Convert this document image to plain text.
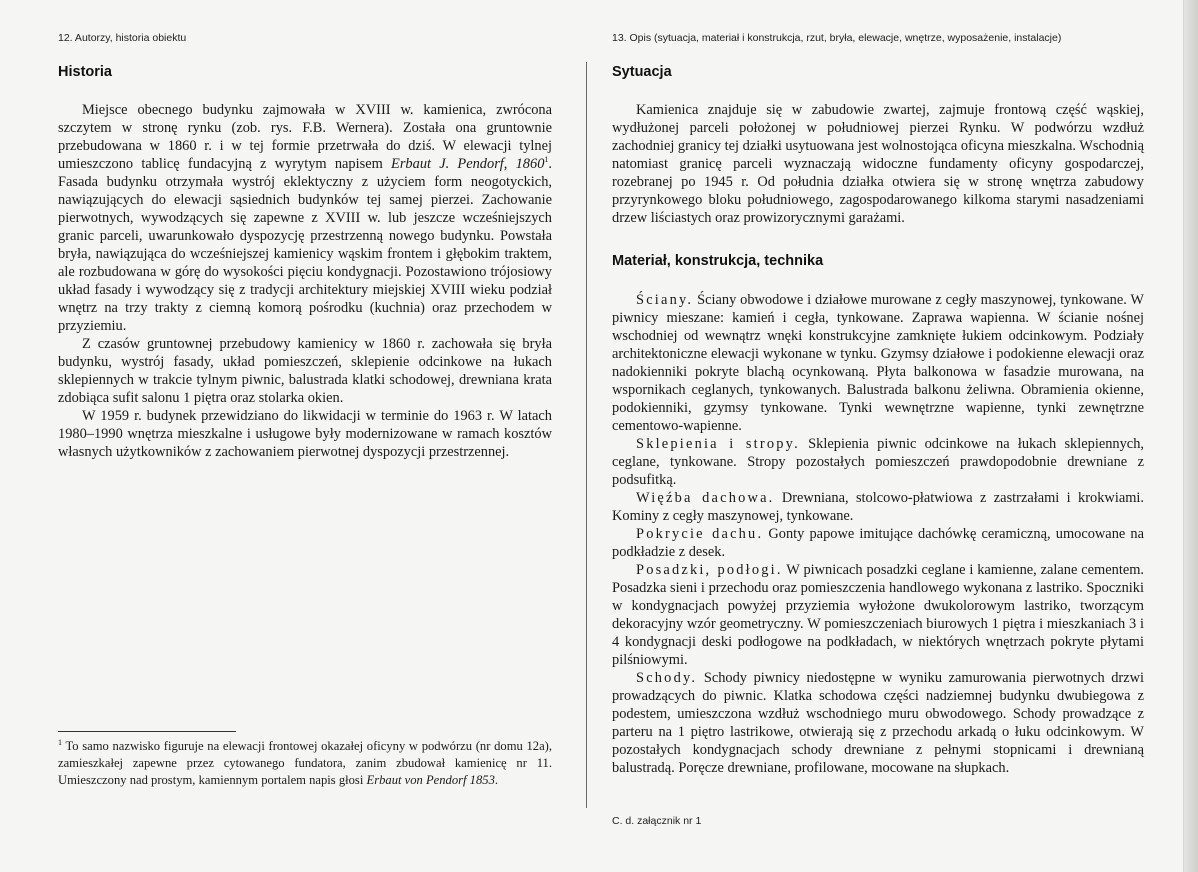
12. Autorzy, historia obiektu
Historia

Miejsce obecnego budynku zajmowała w XVIII w. kamienica, zwrócona szczytem w stronę rynku (zob. rys. F.B. Wernera). Została ona gruntownie przebudowana w 1860 r. i w tej formie przetrwała do dziś. W elewacji tylnej umieszczono tablicę fundacyjną z wyrytym napisem Erbaut J. Pendorf, 1860$^1$. Fasada budynku otrzymała wystrój eklektyczny z użyciem form neogotyckich, nawiązujących do elewacji sąsiednich budynków tej samej pierzei. Zachowanie pierwotnych, wywodzących się zapewne z XVIII w. lub jeszcze wcześniejszych granic parceli, uwarunkowało dyspozycję przestrzenną nowego budynku. Powstała bryła, nawiązująca do wcześniejszej kamienicy wąskim frontem i głębokim traktem, ale rozbudowana w górę do wysokości pięciu kondygnacji. Pozostawiono trójosiowy układ fasady i wywodzący się z tradycji architektury miejskiej XVIII wieku podział wnętrz na trzy trakty z ciemną komorą pośrodku (kuchnia) oraz przechodem w przyziemiu.

Z czasów gruntownej przebudowy kamienicy w 1860 r. zachowała się bryła budynku, wystrój fasady, układ pomieszczeń, sklepienie odcinkowe na łukach sklepiennych w trakcie tylnym piwnic, balustrada klatki schodowej, drewniana krata zdobiąca sufit salonu 1 piętra oraz stolarka okien.

W 1959 r. budynek przewidziano do likwidacji w terminie do 1963 r. W latach 1980–1990 wnętrza mieszkalne i usługowe były modernizowane w ramach kosztów własnych użytkowników z zachowaniem pierwotnej dyspozycji przestrzennej.

$^1$ To samo nazwisko figuruje na elewacji frontowej okazałej oficyny w podwórzu (nr domu 12a), zamieszkałej zapewne przez cytowanego fundatora, zanim zbudował kamienicę nr 11. Umieszczony nad prostym, kamiennym portalem napis głosi Erbaut von Pendorf 1853.

13. Opis (sytuacja, materiał i konstrukcja, rzut, bryła, elewacje, wnętrze, wyposażenie, instalacje)
Sytuacja

Kamienica znajduje się w zabudowie zwartej, zajmuje frontową część wąskiej, wydłużonej parceli położonej w południowej pierzei Rynku. W podwórzu wzdłuż zachodniej granicy tej działki usytuowana jest wolnostojąca oficyna mieszkalna. Wschodnią natomiast granicę parceli wyznaczają widoczne fundamenty oficyny gospodarczej, rozebranej po 1945 r. Od południa działka otwiera się w stronę wnętrza zabudowy przyrynkowego bloku południowego, zagospodarowanego kilkoma starymi nasadzeniami drzew liściastych oraz prowizorycznymi garażami.

Materiał, konstrukcja, technika

Ściany. Ściany obwodowe i działowe murowane z cegły maszynowej, tynkowane. W piwnicy mieszane: kamień i cegła, tynkowane. Zaprawa wapienna. W ścianie nośnej wschodniej od wewnątrz wnęki konstrukcyjne zamknięte łukiem odcinkowym. Podziały architektoniczne elewacji wykonane w tynku. Gzymsy działowe i podokienne elewacji oraz nadokienniki pokryte blachą ocynkowaną. Płyta balkonowa w fasadzie murowana, na wspornikach ceglanych, tynkowanych. Balustrada balkonu żeliwna. Obramienia okienne, podokienniki, gzymsy tynkowane. Tynki wewnętrzne wapienne, tynki zewnętrzne cementowo-wapienne.

Sklepienia i stropy. Sklepienia piwnic odcinkowe na łukach sklepiennych, ceglane, tynkowane. Stropy pozostałych pomieszczeń prawdopodobnie drewniane z podsufitką.

Więźba dachowa. Drewniana, stolcowo-płatwiowa z zastrzałami i krokwiami. Kominy z cegły maszynowej, tynkowane.

Pokrycie dachu. Gonty papowe imitujące dachówkę ceramiczną, umocowane na podkładzie z desek.

Posadzki, podłogi. W piwnicach posadzki ceglane i kamienne, zalane cementem. Posadzka sieni i przechodu oraz pomieszczenia handlowego wykonana z lastriko. Spoczniki w kondygnacjach powyżej przyziemia wyłożone dwukolorowym lastriko, tworzącym dekoracyjny wzór geometryczny. W pomieszczeniach biurowych 1 piętra i mieszkaniach 3 i 4 kondygnacji deski podłogowe na podkładach, w niektórych wnętrzach pokryte płytami pilśniowymi.

Schody. Schody piwnicy niedostępne w wyniku zamurowania pierwotnych drzwi prowadzących do piwnic. Klatka schodowa części nadziemnej budynku dwubiegowa z podestem, umieszczona wzdłuż wschodniego muru obwodowego. Schody prowadzące z parteru na 1 piętro lastrikowe, otwierają się z przechodu arkadą o łuku odcinkowym. W pozostałych kondygnacjach schody drewniane z pełnymi stopnicami i drewnianą balustradą. Poręcze drewniane, profilowane, mocowane na słupkach.

C. d. załącznik nr 1
